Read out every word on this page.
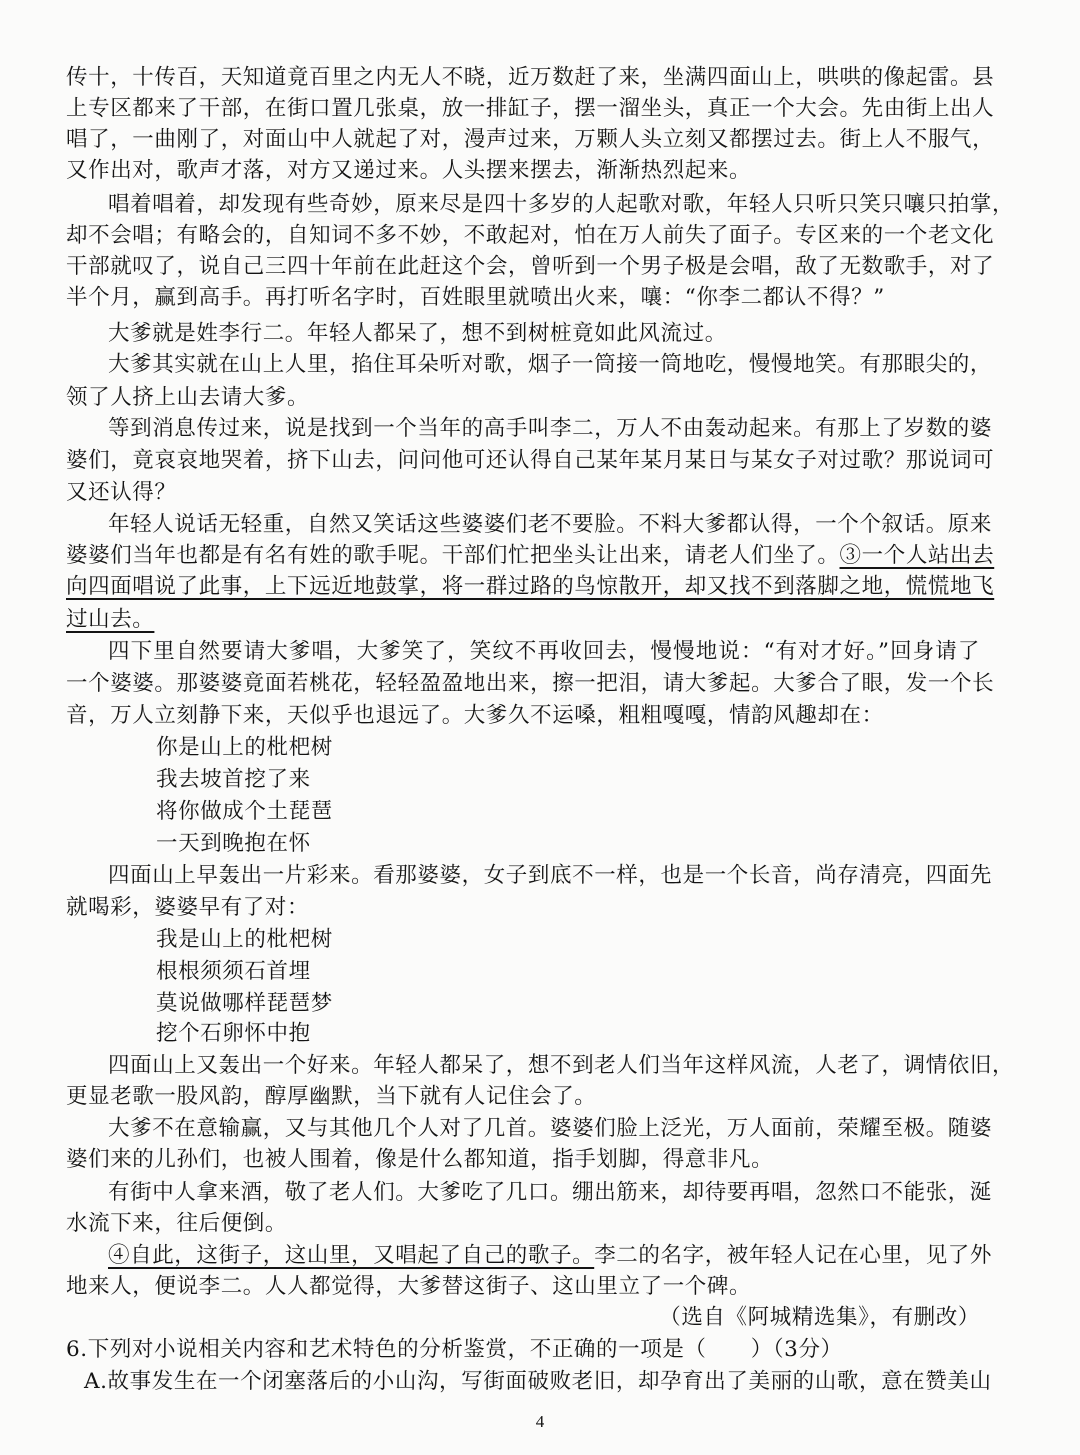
传十，十传百，天知道竟百里之内无人不晓，近万数赶了来，坐满四面山上，哄哄的像起雷。县
上专区都来了干部，在街口置几张桌，放一排缸子，摆一溜坐头，真正一个大会。先由街上出人
唱了，一曲刚了，对面山中人就起了对，漫声过来，万颗人头立刻又都摆过去。街上人不服气，
又作出对，歌声才落，对方又递过来。人头摆来摆去，渐渐热烈起来。
唱着唱着，却发现有些奇妙，原来尽是四十多岁的人起歌对歌，年轻人只听只笑只嚷只拍掌，
却不会唱；有略会的，自知词不多不妙，不敢起对，怕在万人前失了面子。专区来的一个老文化
干部就叹了，说自己三四十年前在此赶这个会，曾听到一个男子极是会唱，敌了无数歌手，对了
半个月，赢到高手。再打听名字时，百姓眼里就喷出火来，嚷：“你李二都认不得？”
大爹就是姓李行二。年轻人都呆了，想不到树桩竟如此风流过。
大爹其实就在山上人里，掐住耳朵听对歌，烟子一筒接一筒地吃，慢慢地笑。有那眼尖的，
领了人挤上山去请大爹。
等到消息传过来，说是找到一个当年的高手叫李二，万人不由轰动起来。有那上了岁数的婆
婆们，竟哀哀地哭着，挤下山去，问问他可还认得自己某年某月某日与某女子对过歌？那说词可
又还认得？
年轻人说话无轻重，自然又笑话这些婆婆们老不要脸。不料大爹都认得，一个个叙话。原来
婆婆们当年也都是有名有姓的歌手呢。干部们忙把坐头让出来，请老人们坐了。③一个人站出去
向四面唱说了此事，上下远近地鼓掌，将一群过路的鸟惊散开，却又找不到落脚之地，慌慌地飞
过山去。
四下里自然要请大爹唱，大爹笑了，笑纹不再收回去，慢慢地说：“有对才好。”回身请了
一个婆婆。那婆婆竟面若桃花，轻轻盈盈地出来，擦一把泪，请大爹起。大爹合了眼，发一个长
音，万人立刻静下来，天似乎也退远了。大爹久不运嗓，粗粗嘎嘎，情韵风趣却在：
你是山上的枇杷树
我去坡首挖了来
将你做成个土琵琶
一天到晚抱在怀
四面山上早轰出一片彩来。看那婆婆，女子到底不一样，也是一个长音，尚存清亮，四面先
就喝彩，婆婆早有了对：
我是山上的枇杷树
根根须须石首埋
莫说做哪样琵琶梦
挖个石卵怀中抱
四面山上又轰出一个好来。年轻人都呆了，想不到老人们当年这样风流，人老了，调情依旧，
更显老歌一股风韵，醇厚幽默，当下就有人记住会了。
大爹不在意输赢，又与其他几个人对了几首。婆婆们脸上泛光，万人面前，荣耀至极。随婆
婆们来的儿孙们，也被人围着，像是什么都知道，指手划脚，得意非凡。
有街中人拿来酒，敬了老人们。大爹吃了几口。绷出筋来，却待要再唱，忽然口不能张，涎
水流下来，往后便倒。
④自此，这街子，这山里，又唱起了自己的歌子。李二的名字，被年轻人记在心里，见了外
地来人，便说李二。人人都觉得，大爹替这街子、这山里立了一个碑。
（选自《阿城精选集》，有删改）
6.下列对小说相关内容和艺术特色的分析鉴赏，不正确的一项是（　　）（3分）
A.故事发生在一个闭塞落后的小山沟，写街面破败老旧，却孕育出了美丽的山歌，意在赞美山
4
